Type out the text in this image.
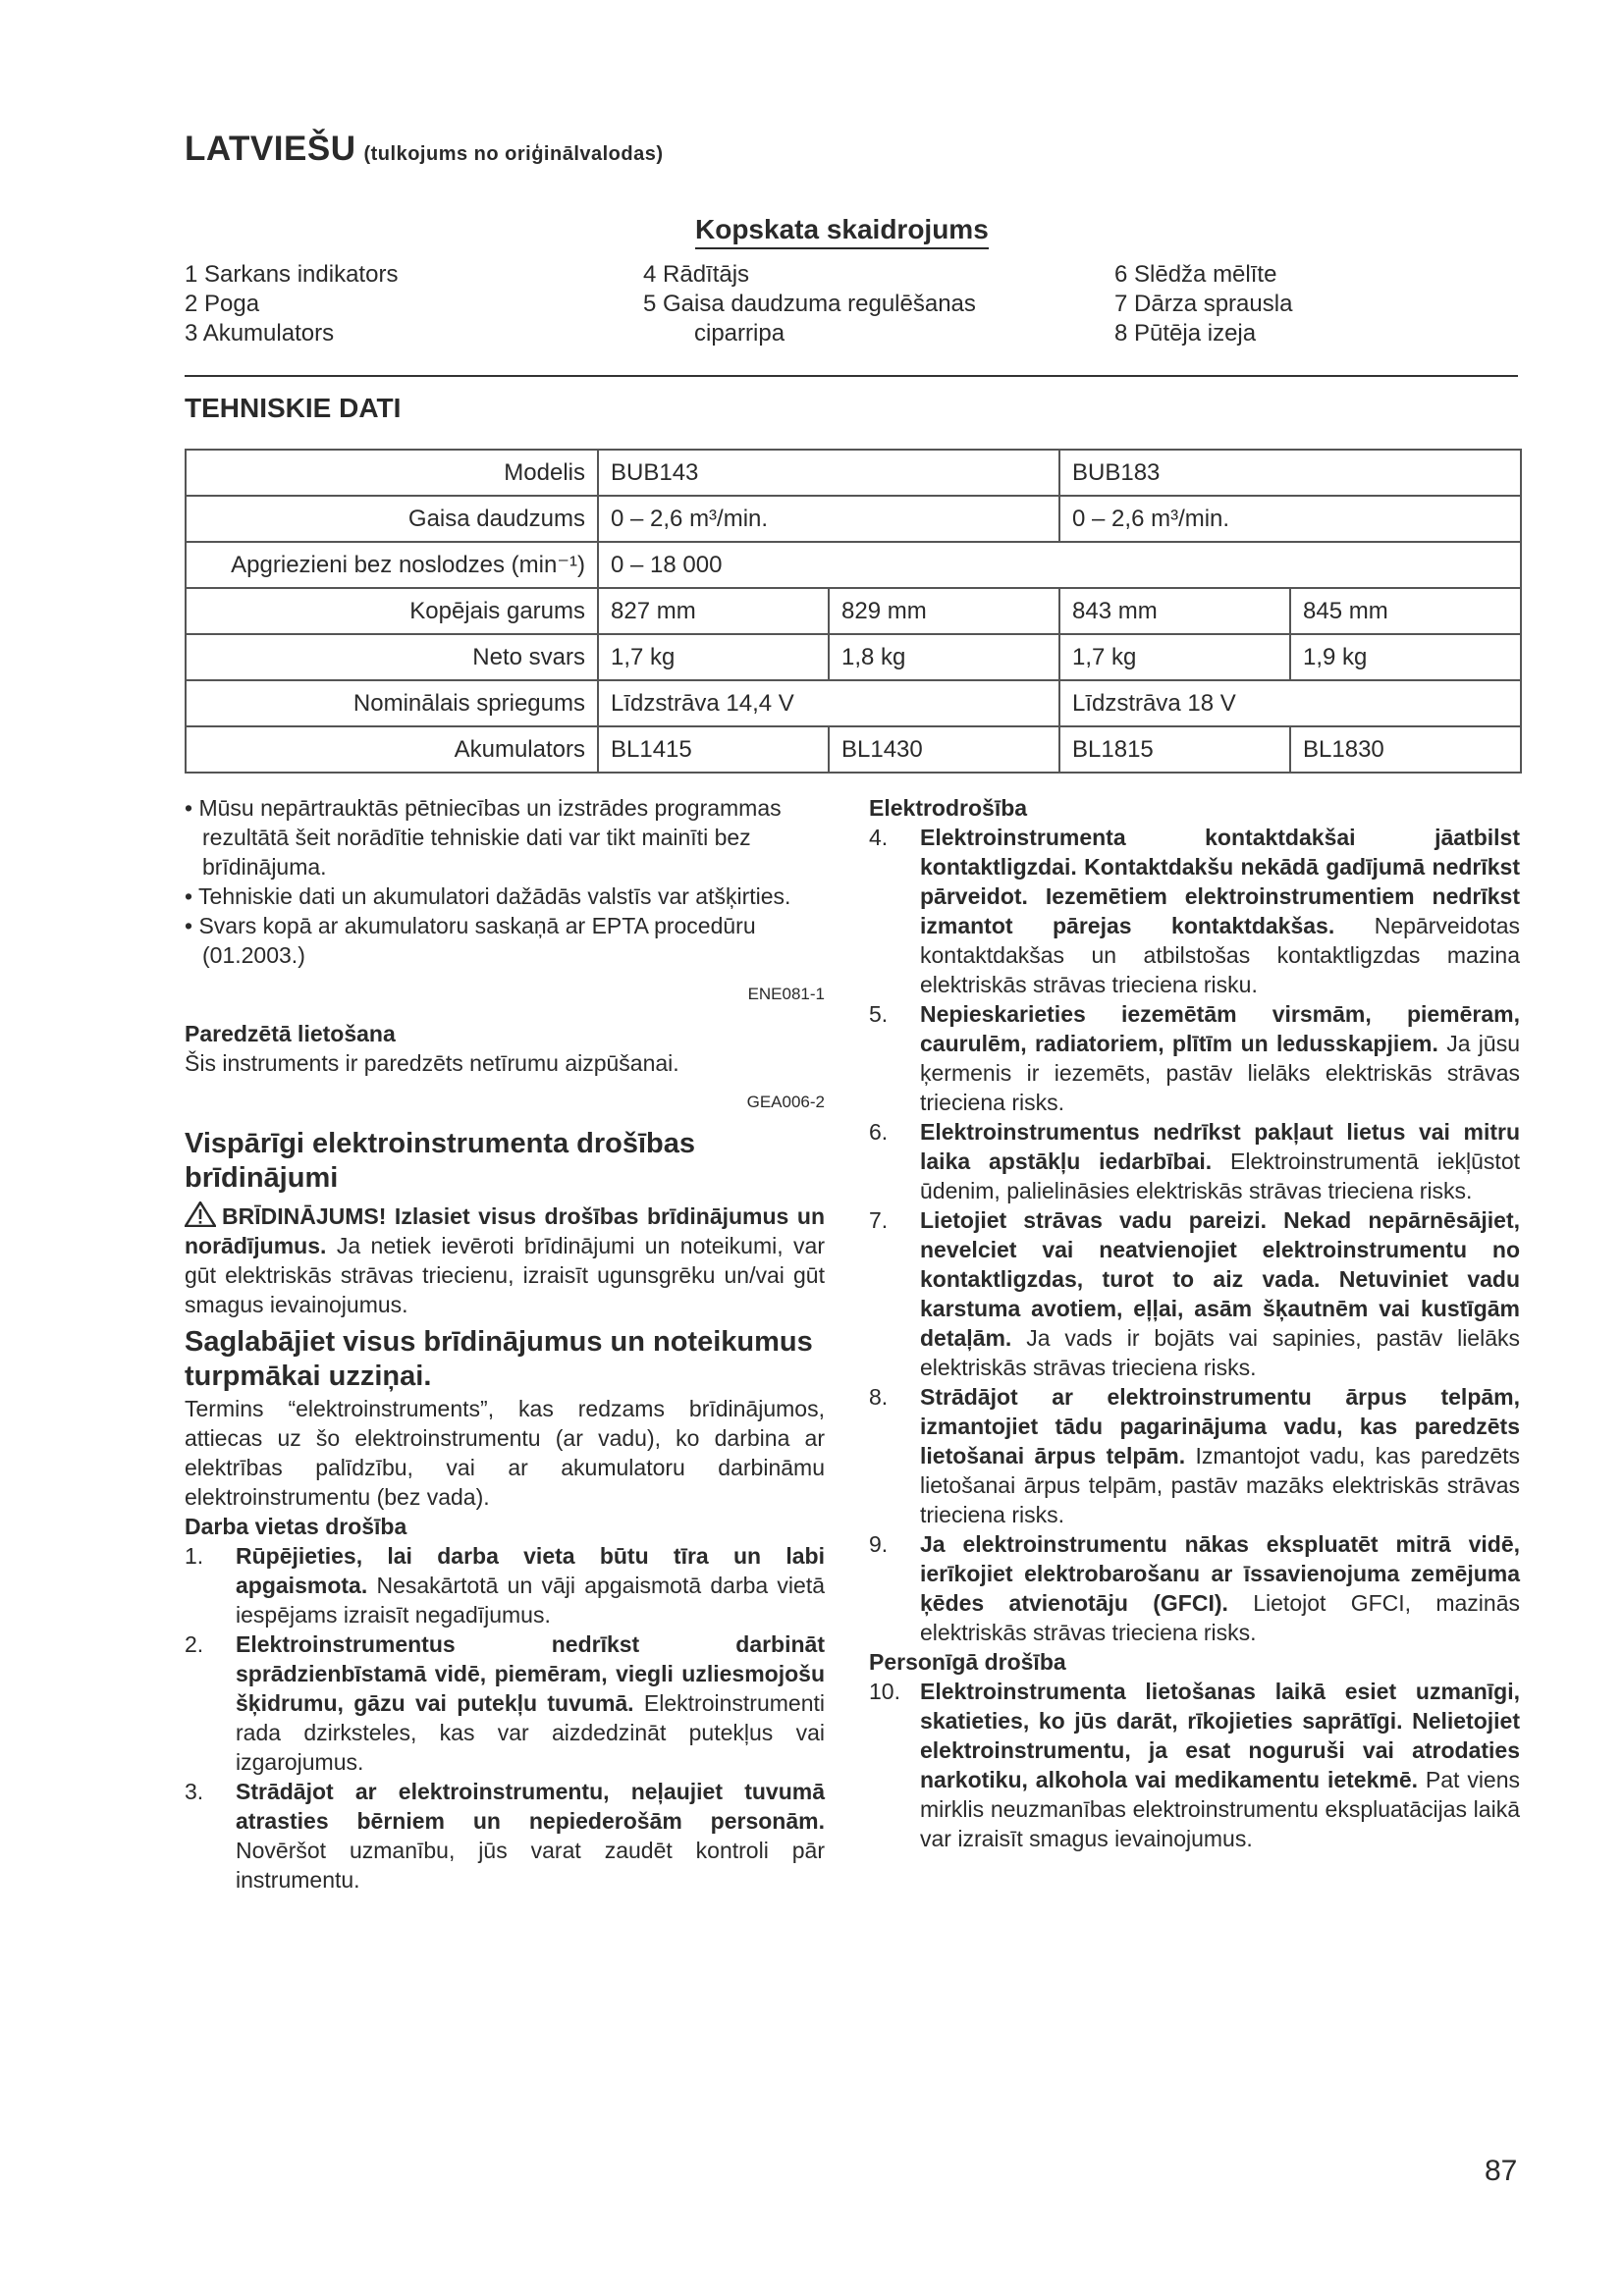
LATVIEŠU (tulkojums no oriģinālvalodas)
Kopskata skaidrojums
1 Sarkans indikators
2 Poga
3 Akumulators
4 Rādītājs
5 Gaisa daudzuma regulēšanas
ciparripa
6 Slēdža mēlīte
7 Dārza sprausla
8 Pūtēja izeja
TEHNISKIE DATI
Modelis	BUB143		BUB183	
Gaisa daudzums	0 – 2,6 m³/min.		0 – 2,6 m³/min.	
Apgriezieni bez noslodzes (min⁻¹)	0 – 18 000			
Kopējais garums	827 mm	829 mm	843 mm	845 mm
Neto svars	1,7 kg	1,8 kg	1,7 kg	1,9 kg
Nominālais spriegums	Līdzstrāva 14,4 V		Līdzstrāva 18 V	
Akumulators	BL1415	BL1430	BL1815	BL1830

• Mūsu nepārtrauktās pētniecības un izstrādes programmas rezultātā šeit norādītie tehniskie dati var tikt mainīti bez brīdinājuma.

• Tehniskie dati un akumulatori dažādās valstīs var atšķirties.

• Svars kopā ar akumulatoru saskaņā ar EPTA procedūru (01.2003.)

ENE081-1

Paredzētā lietošana

Šis instruments ir paredzēts netīrumu aizpūšanai.

GEA006-2

Vispārīgi elektroinstrumenta drošības brīdinājumi

BRĪDINĀJUMS! Izlasiet visus drošības brīdinājumus un norādījumus. Ja netiek ievēroti brīdinājumi un noteikumi, var gūt elektriskās strāvas triecienu, izraisīt ugunsgrēku un/vai gūt smagus ievainojumus.

Saglabājiet visus brīdinājumus un noteikumus turpmākai uzziņai.

Termins “elektroinstruments”, kas redzams brīdinājumos, attiecas uz šo elektroinstrumentu (ar vadu), ko darbina ar elektrības palīdzību, vai ar akumulatoru darbināmu elektroinstrumentu (bez vada).

Darba vietas drošība

1. Rūpējieties, lai darba vieta būtu tīra un labi apgaismota. Nesakārtotā un vāji apgaismotā darba vietā iespējams izraisīt negadījumus.
2. Elektroinstrumentus nedrīkst darbināt sprādzienbīstamā vidē, piemēram, viegli uzliesmojošu šķidrumu, gāzu vai putekļu tuvumā. Elektroinstrumenti rada dzirksteles, kas var aizdedzināt putekļus vai izgarojumus.
3. Strādājot ar elektroinstrumentu, neļaujiet tuvumā atrasties bērniem un nepiederošām personām. Novēršot uzmanību, jūs varat zaudēt kontroli pār instrumentu.

Elektrodrošība

4. Elektroinstrumenta kontaktdakšai jāatbilst kontaktligzdai. Kontaktdakšu nekādā gadījumā nedrīkst pārveidot. Iezemētiem elektroinstrumentiem nedrīkst izmantot pārejas kontaktdakšas. Nepārveidotas kontaktdakšas un atbilstošas kontaktligzdas mazina elektriskās strāvas trieciena risku.
5. Nepieskarieties iezemētām virsmām, piemēram, caurulēm, radiatoriem, plītīm un ledusskapjiem. Ja jūsu ķermenis ir iezemēts, pastāv lielāks elektriskās strāvas trieciena risks.
6. Elektroinstrumentus nedrīkst pakļaut lietus vai mitru laika apstākļu iedarbībai. Elektroinstrumentā iekļūstot ūdenim, palielināsies elektriskās strāvas trieciena risks.
7. Lietojiet strāvas vadu pareizi. Nekad nepārnēsājiet, nevelciet vai neatvienojiet elektroinstrumentu no kontaktligzdas, turot to aiz vada. Netuviniet vadu karstuma avotiem, eļļai, asām šķautnēm vai kustīgām detaļām. Ja vads ir bojāts vai sapinies, pastāv lielāks elektriskās strāvas trieciena risks.
8. Strādājot ar elektroinstrumentu ārpus telpām, izmantojiet tādu pagarinājuma vadu, kas paredzēts lietošanai ārpus telpām. Izmantojot vadu, kas paredzēts lietošanai ārpus telpām, pastāv mazāks elektriskās strāvas trieciena risks.
9. Ja elektroinstrumentu nākas ekspluatēt mitrā vidē, ierīkojiet elektrobarošanu ar īssavienojuma zemējuma ķēdes atvienotāju (GFCI). Lietojot GFCI, mazinās elektriskās strāvas trieciena risks.

Personīgā drošība

10. Elektroinstrumenta lietošanas laikā esiet uzmanīgi, skatieties, ko jūs darāt, rīkojieties saprātīgi. Nelietojiet elektroinstrumentu, ja esat noguruši vai atrodaties narkotiku, alkohola vai medikamentu ietekmē. Pat viens mirklis neuzmanības elektroinstrumentu ekspluatācijas laikā var izraisīt smagus ievainojumus.
87
